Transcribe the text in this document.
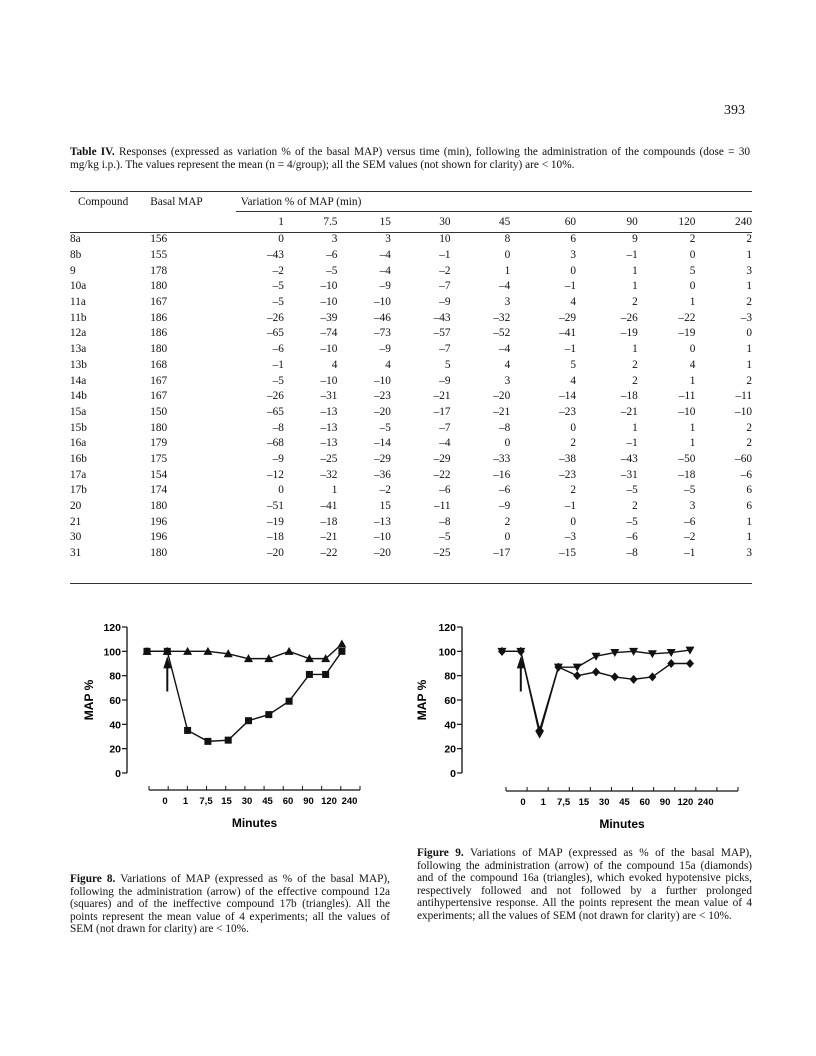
393
Table IV. Responses (expressed as variation % of the basal MAP) versus time (min), following the administration of the compounds (dose = 30 mg/kg i.p.). The values represent the mean (n = 4/group); all the SEM values (not shown for clarity) are < 10%.
Compound	Basal MAP	Variation % of MAP (min)								
		1	7.5	15	30	45	60	90	120	240
8a	156	0	3	3	10	8	6	9	2	2
8b	155	–43	–6	–4	–1	0	3	–1	0	1
9	178	–2	–5	–4	–2	1	0	1	5	3
10a	180	–5	–10	–9	–7	–4	–1	1	0	1
11a	167	–5	–10	–10	–9	3	4	2	1	2
11b	186	–26	–39	–46	–43	–32	–29	–26	–22	–3
12a	186	–65	–74	–73	–57	–52	–41	–19	–19	0
13a	180	–6	–10	–9	–7	–4	–1	1	0	1
13b	168	–1	4	4	5	4	5	2	4	1
14a	167	–5	–10	–10	–9	3	4	2	1	2
14b	167	–26	–31	–23	–21	–20	–14	–18	–11	–11
15a	150	–65	–13	–20	–17	–21	–23	–21	–10	–10
15b	180	–8	–13	–5	–7	–8	0	1	1	2
16a	179	–68	–13	–14	–4	0	2	–1	1	2
16b	175	–9	–25	–29	–29	–33	–38	–43	–50	–60
17a	154	–12	–32	–36	–22	–16	–23	–31	–18	–6
17b	174	0	1	–2	–6	–6	2	–5	–5	6
20	180	–51	–41	15	–11	–9	–1	2	3	6
21	196	–19	–18	–13	–8	2	0	–5	–6	1
30	196	–18	–21	–10	–5	0	–3	–6	–2	1
31	180	–20	–22	–20	–25	–17	–15	–8	–1	3
0
20
40
60
80
100
120
MAP %
0 1 7,5 15 30 45 60 90 120 240
Minutes
0
20
40
60
80
100
120
MAP %
0 1 7,5 15 30 45 60 90 120 240
Minutes
Figure 8. Variations of MAP (expressed as % of the basal MAP), following the administration (arrow) of the effective compound 12a (squares) and of the ineffective compound 17b (triangles). All the points represent the mean value of 4 experiments; all the values of SEM (not drawn for clarity) are < 10%.
Figure 9. Variations of MAP (expressed as % of the basal MAP), following the administration (arrow) of the compound 15a (diamonds) and of the compound 16a (triangles), which evoked hypotensive picks, respectively followed and not followed by a further prolonged antihypertensive response. All the points represent the mean value of 4 experiments; all the values of SEM (not drawn for clarity) are < 10%.
